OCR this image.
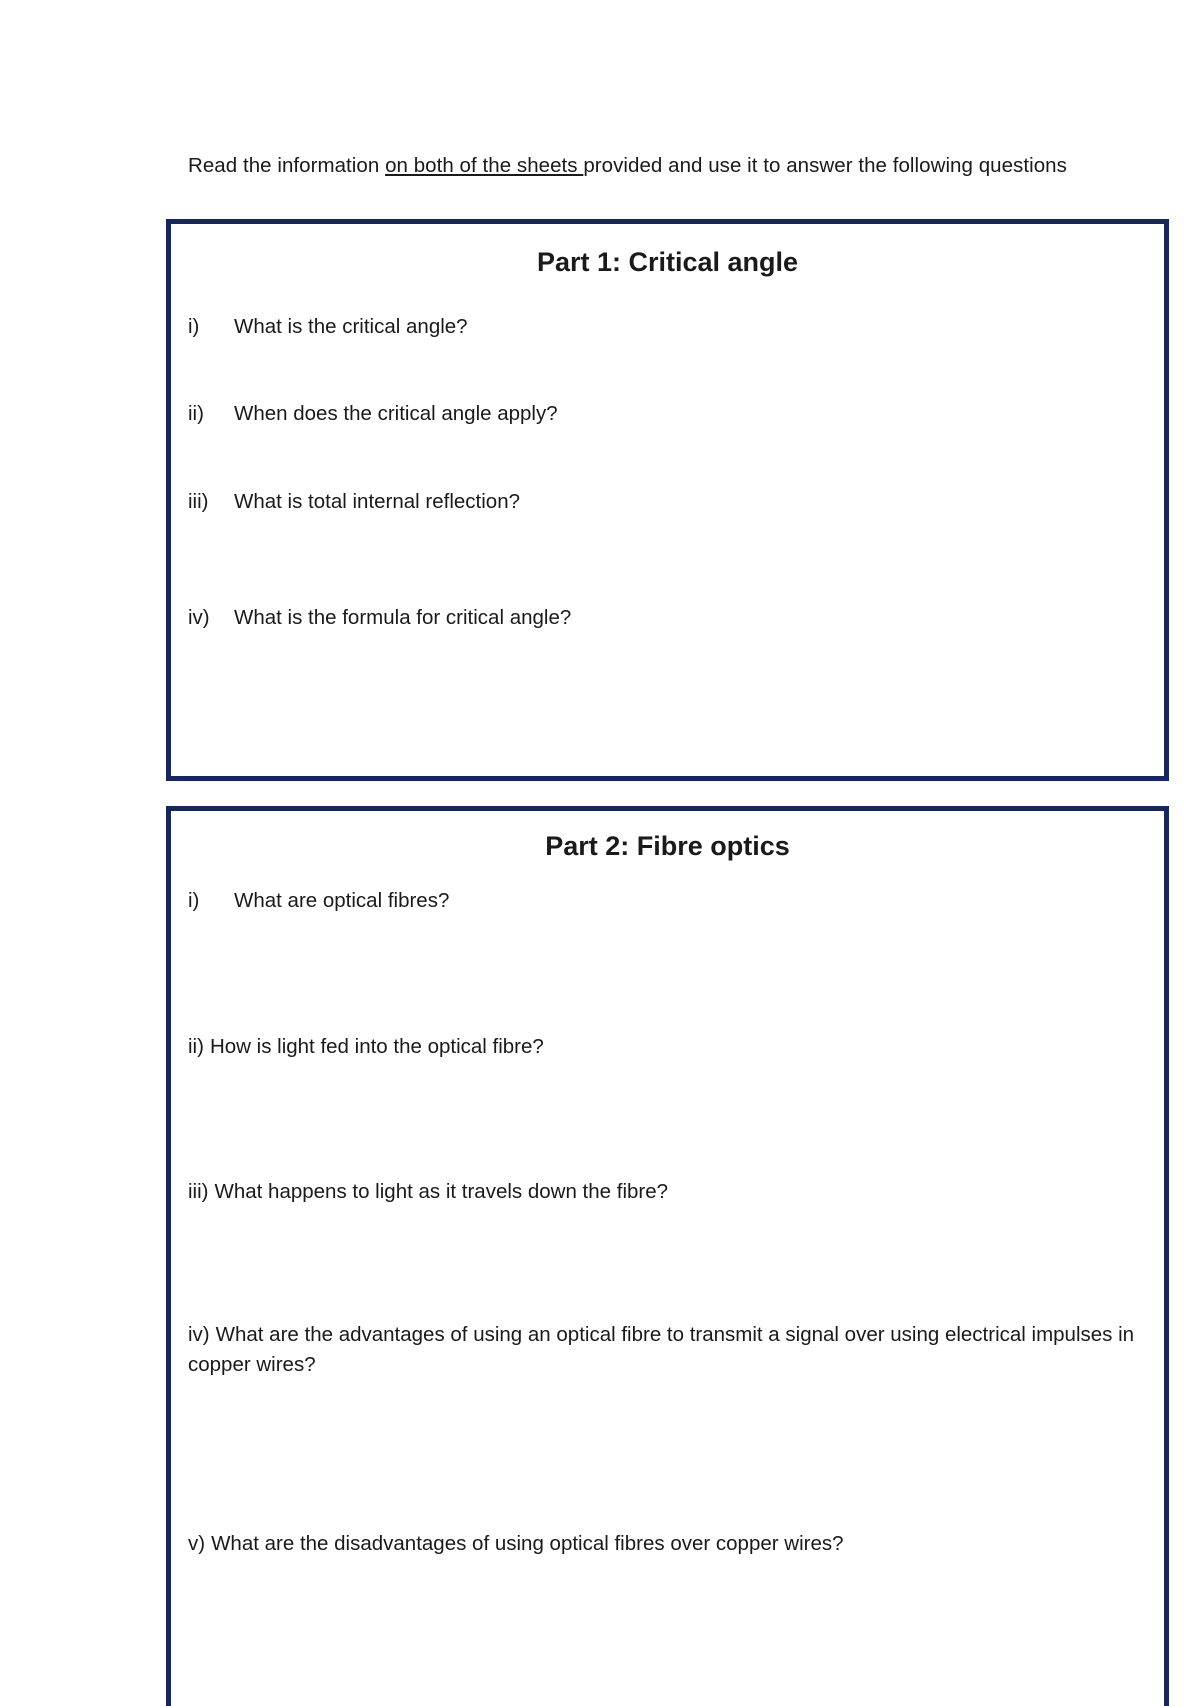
Read the information on both of the sheets provided and use it to answer the following questions

Part 1: Critical angle
i) What is the critical angle?
ii) When does the critical angle apply?
iii) What is total internal reflection?
iv) What is the formula for critical angle?
Part 2: Fibre optics
i) What are optical fibres?
ii) How is light fed into the optical fibre?
iii) What happens to light as it travels down the fibre?
iv) What are the advantages of using an optical fibre to transmit a signal over using electrical impulses in copper wires?
v) What are the disadvantages of using optical fibres over copper wires?
